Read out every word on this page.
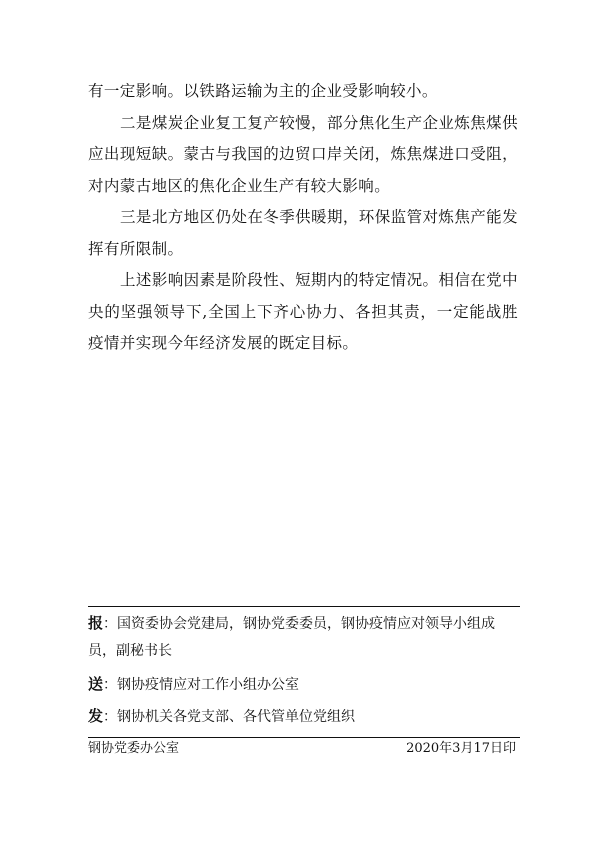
有一定影响。以铁路运输为主的企业受影响较小。

二是煤炭企业复工复产较慢，部分焦化生产企业炼焦煤供应出现短缺。蒙古与我国的边贸口岸关闭，炼焦煤进口受阻，对内蒙古地区的焦化企业生产有较大影响。

三是北方地区仍处在冬季供暖期，环保监管对炼焦产能发挥有所限制。

上述影响因素是阶段性、短期内的特定情况。相信在党中央的坚强领导下,全国上下齐心协力、各担其责，一定能战胜疫情并实现今年经济发展的既定目标。

报：国资委协会党建局，钢协党委委员，钢协疫情应对领导小组成员，副秘书长
送：钢协疫情应对工作小组办公室
发：钢协机关各党支部、各代管单位党组织
钢协党委办公室	2020年3月17日印
